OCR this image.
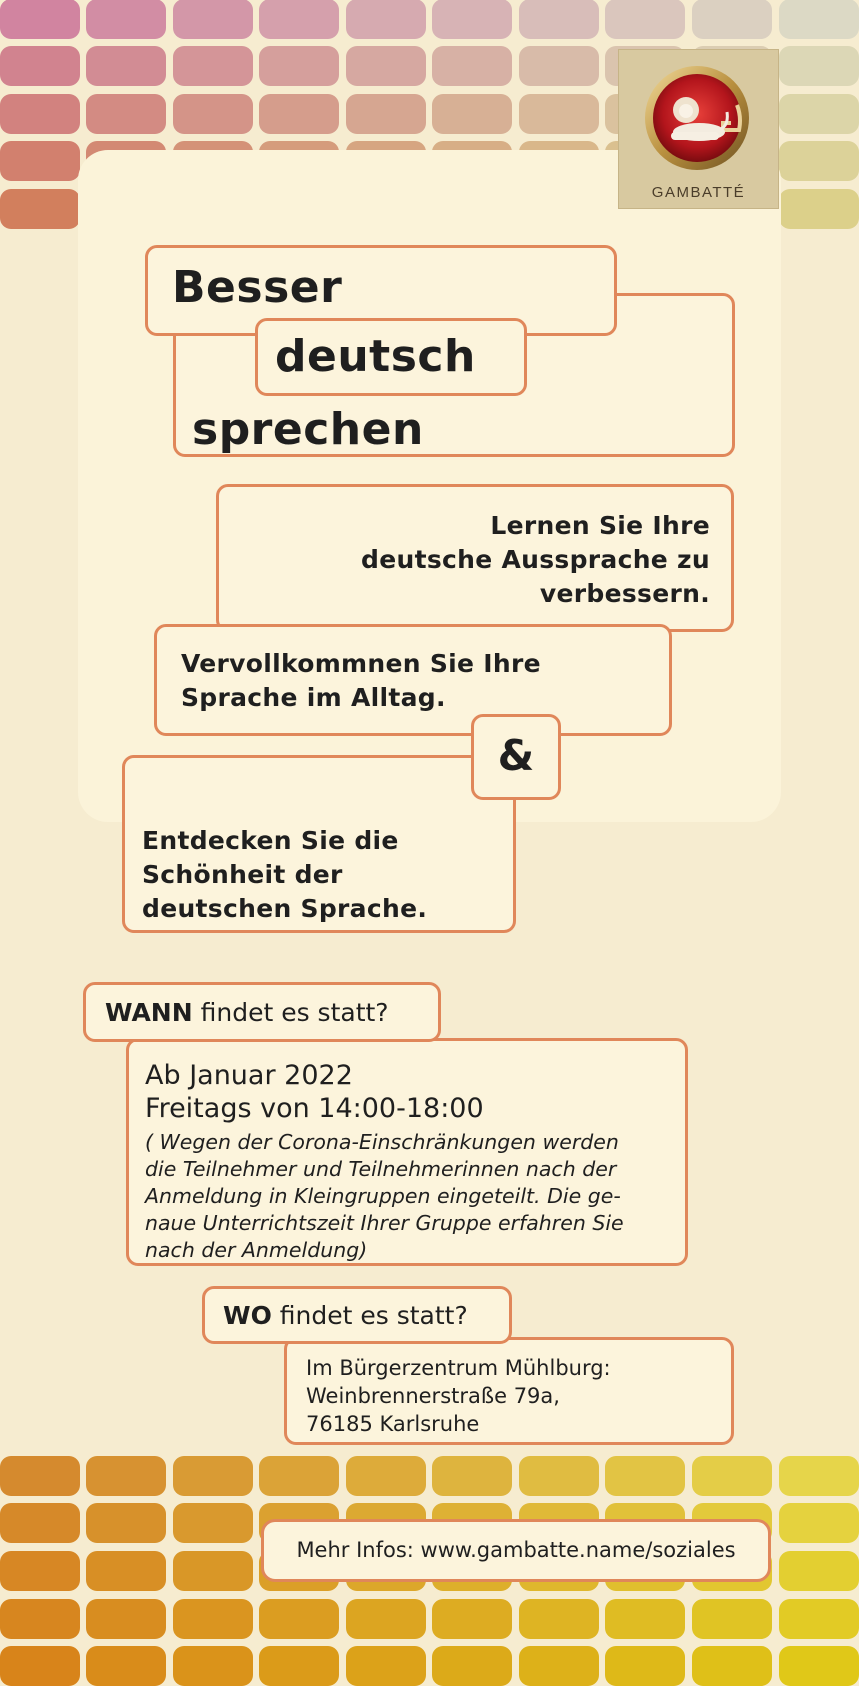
GAMBATTÉ
Besser
deutsch
sprechen
Lernen Sie Ihre
deutsche Aussprache zu
verbessern.
Vervollkommnen Sie Ihre
Sprache im Alltag.
Entdecken Sie die
Schönheit der
deutschen Sprache.
&
Ab Januar 2022
Freitags von 14:00-18:00
( Wegen der Corona-Einschränkungen werden
die Teilnehmer und Teilnehmerinnen nach der
Anmeldung in Kleingruppen eingeteilt. Die ge-
naue Unterrichtszeit Ihrer Gruppe erfahren Sie
nach der Anmeldung)
WANN findet es statt?
Im Bürgerzentrum Mühlburg:
Weinbrennerstraße 79a,
76185 Karlsruhe
WO findet es statt?
Mehr Infos: www.gambatte.name/soziales
